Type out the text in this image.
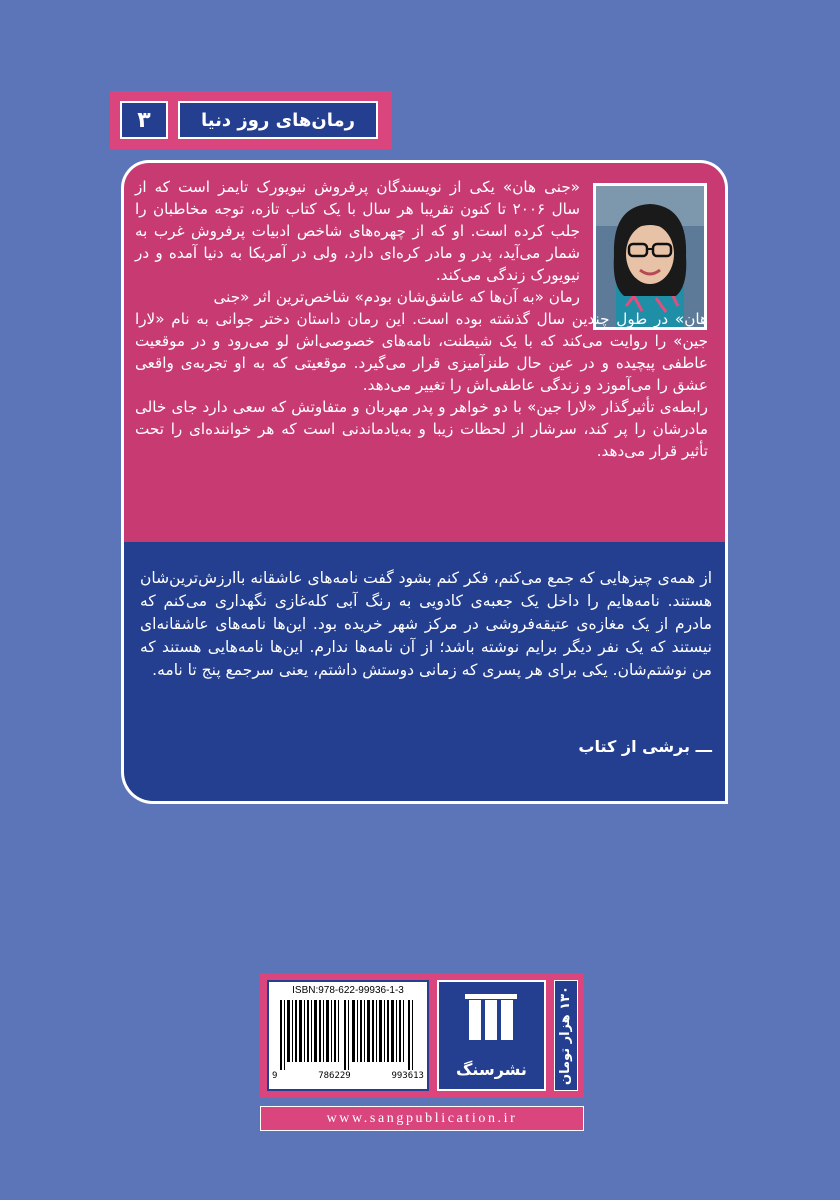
رمان‌های روز دنیا
۳

«جنی هان» یکی از نویسندگان پرفروش نیویورک تایمز است که از سال ۲۰۰۶ تا کنون تقریبا هر سال با یک کتاب تازه، توجه مخاطبان را جلب کرده است. او که از چهره‌های شاخص ادبیات پرفروش غرب به شمار می‌آید، پدر و مادر کره‌ای دارد، ولی در آمریکا به دنیا آمده و در نیویورک زندگی می‌کند.

رمان «به آن‌ها که عاشق‌شان بودم» شاخص‌ترین اثر «جنی
هان» در طول چندین سال گذشته بوده است. این رمان داستان دختر جوانی به نام «لارا جین» را روایت می‌کند که با یک شیطنت، نامه‌های خصوصی‌اش لو می‌رود و در موقعیت عاطفی پیچیده و در عین حال طنزآمیزی قرار می‌گیرد. موقعیتی که به او تجربه‌ی واقعی عشق را می‌آموزد و زندگی عاطفی‌اش را تغییر می‌دهد.

رابطه‌ی تأثیرگذار «لارا جین» با دو خواهر و پدر مهربان و متفاوتش که سعی دارد جای خالی مادرشان را پر کند، سرشار از لحظات زیبا و به‌یادماندنی است که هر خواننده‌ای را تحت تأثیر قرار می‌دهد.

از همه‌ی چیزهایی که جمع می‌کنم، فکر کنم بشود گفت نامه‌های عاشقانه باارزش‌ترین‌شان هستند. نامه‌هایم را داخل یک جعبه‌ی کادویی به رنگ آبی کله‌غازی نگهداری می‌کنم که مادرم از یک مغازه‌ی عتیقه‌فروشی در مرکز شهر خریده بود. این‌ها نامه‌های عاشقانه‌ای نیستند که یک نفر دیگر برایم نوشته باشد؛ از آن نامه‌ها ندارم. این‌ها نامه‌هایی هستند که من نوشتم‌شان. یکی برای هر پسری که زمانی دوستش داشتم، یعنی سرجمع پنج تا نامه.

ـــ برشی از کتاب
ISBN:978-622-99936-1-3
9	786229	993613	نشرسنگ	۱۳۰ هزار تومان
www.sangpublication.ir
